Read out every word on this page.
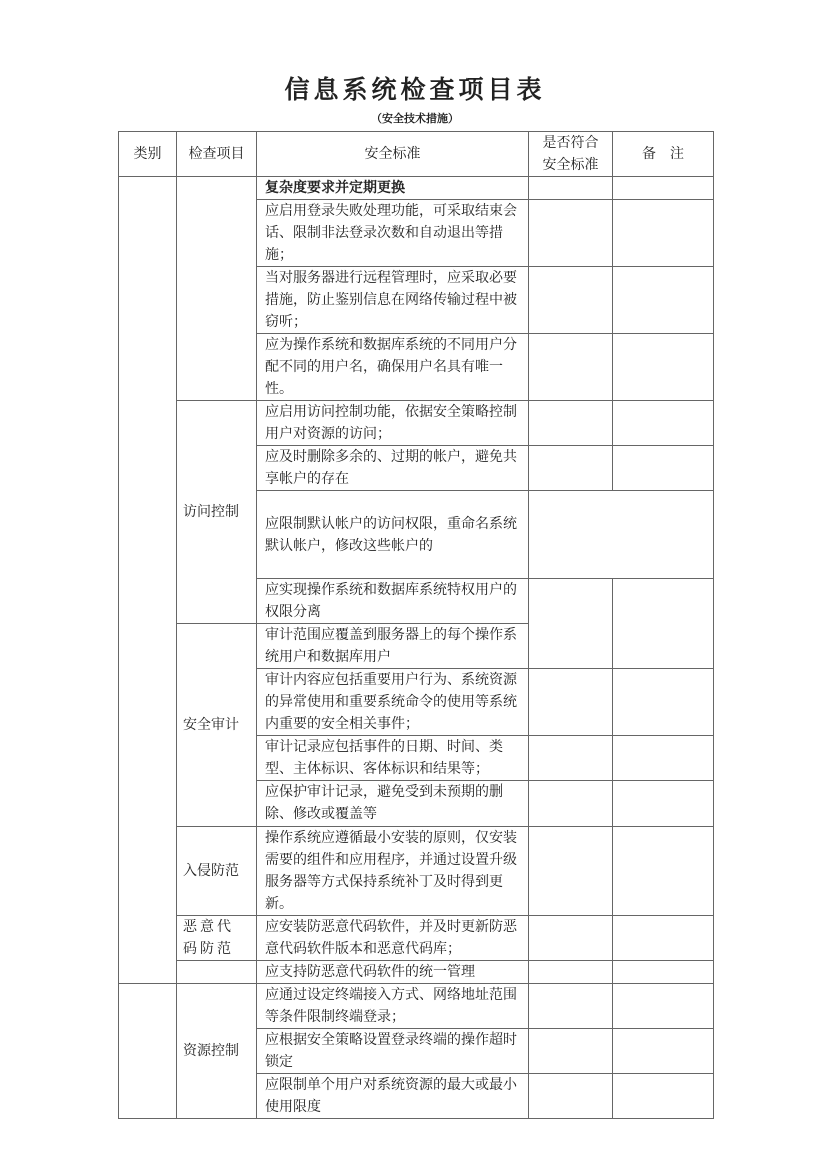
信息系统检查项目表
（安全技术措施）
类别	检查项目	安全标准	是否符合安全标准	备　注
		复杂度要求并定期更换		
		应启用登录失败处理功能，可采取结束会话、限制非法登录次数和自动退出等措施；		
		当对服务器进行远程管理时，应采取必要措施，防止鉴别信息在网络传输过程中被窃听；		
		应为操作系统和数据库系统的不同用户分配不同的用户名，确保用户名具有唯一性。		
	访问控制	应启用访问控制功能，依据安全策略控制用户对资源的访问；		
		应及时删除多余的、过期的帐户，避免共享帐户的存在		
		应限制默认帐户的访问权限，重命名系统默认帐户，修改这些帐户的		
		应实现操作系统和数据库系统特权用户的权限分离		
	安全审计	审计范围应覆盖到服务器上的每个操作系统用户和数据库用户		
		审计内容应包括重要用户行为、系统资源的异常使用和重要系统命令的使用等系统内重要的安全相关事件；		
		审计记录应包括事件的日期、时间、类型、主体标识、客体标识和结果等；		
		应保护审计记录，避免受到未预期的删除、修改或覆盖等		
	入侵防范	操作系统应遵循最小安装的原则，仅安装需要的组件和应用程序，并通过设置升级服务器等方式保持系统补丁及时得到更新。		
	恶意代码防范	应安装防恶意代码软件，并及时更新防恶意代码软件版本和恶意代码库；		
		应支持防恶意代码软件的统一管理		
	资源控制	应通过设定终端接入方式、网络地址范围等条件限制终端登录；		
		应根据安全策略设置登录终端的操作超时锁定		
		应限制单个用户对系统资源的最大或最小使用限度		
